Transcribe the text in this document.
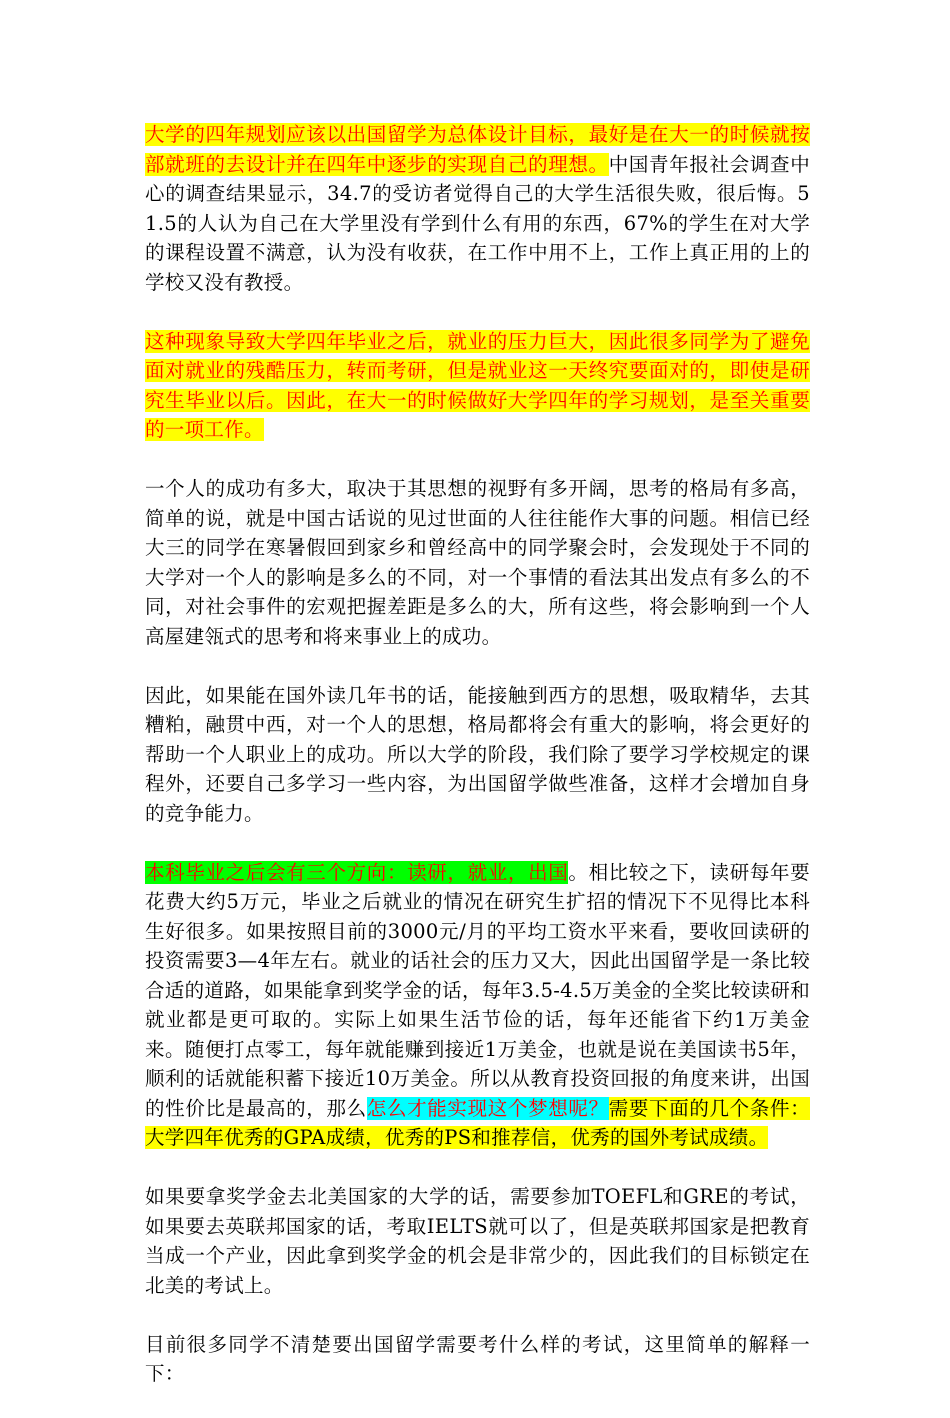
大学的四年规划应该以出国留学为总体设计目标，最好是在大一的时候就按部就班的去设计并在四年中逐步的实现自己的理想。中国青年报社会调查中心的调查结果显示，34.7的受访者觉得自己的大学生活很失败，很后悔。51.5的人认为自己在大学里没有学到什么有用的东西，67%的学生在对大学的课程设置不满意，认为没有收获，在工作中用不上，工作上真正用的上的学校又没有教授。

这种现象导致大学四年毕业之后，就业的压力巨大，因此很多同学为了避免面对就业的残酷压力，转而考研，但是就业这一天终究要面对的，即使是研究生毕业以后。因此，在大一的时候做好大学四年的学习规划，是至关重要的一项工作。

一个人的成功有多大，取决于其思想的视野有多开阔，思考的格局有多高，简单的说，就是中国古话说的见过世面的人往往能作大事的问题。相信已经大三的同学在寒暑假回到家乡和曾经高中的同学聚会时，会发现处于不同的大学对一个人的影响是多么的不同，对一个事情的看法其出发点有多么的不同，对社会事件的宏观把握差距是多么的大，所有这些，将会影响到一个人高屋建瓴式的思考和将来事业上的成功。

因此，如果能在国外读几年书的话，能接触到西方的思想，吸取精华，去其糟粕，融贯中西，对一个人的思想，格局都将会有重大的影响，将会更好的帮助一个人职业上的成功。所以大学的阶段，我们除了要学习学校规定的课程外，还要自己多学习一些内容，为出国留学做些准备，这样才会增加自身的竞争能力。

本科毕业之后会有三个方向：读研，就业，出国。相比较之下，读研每年要花费大约5万元，毕业之后就业的情况在研究生扩招的情况下不见得比本科生好很多。如果按照目前的3000元/月的平均工资水平来看，要收回读研的投资需要3—4年左右。就业的话社会的压力又大，因此出国留学是一条比较合适的道路，如果能拿到奖学金的话，每年3.5-4.5万美金的全奖比较读研和就业都是更可取的。实际上如果生活节俭的话，每年还能省下约1万美金来。随便打点零工，每年就能赚到接近1万美金，也就是说在美国读书5年，顺利的话就能积蓄下接近10万美金。所以从教育投资回报的角度来讲，出国的性价比是最高的，那么怎么才能实现这个梦想呢？需要下面的几个条件：大学四年优秀的GPA成绩，优秀的PS和推荐信，优秀的国外考试成绩。

如果要拿奖学金去北美国家的大学的话，需要参加TOEFL和GRE的考试，如果要去英联邦国家的话，考取IELTS就可以了，但是英联邦国家是把教育当成一个产业，因此拿到奖学金的机会是非常少的，因此我们的目标锁定在北美的考试上。

目前很多同学不清楚要出国留学需要考什么样的考试，这里简单的解释一下：
